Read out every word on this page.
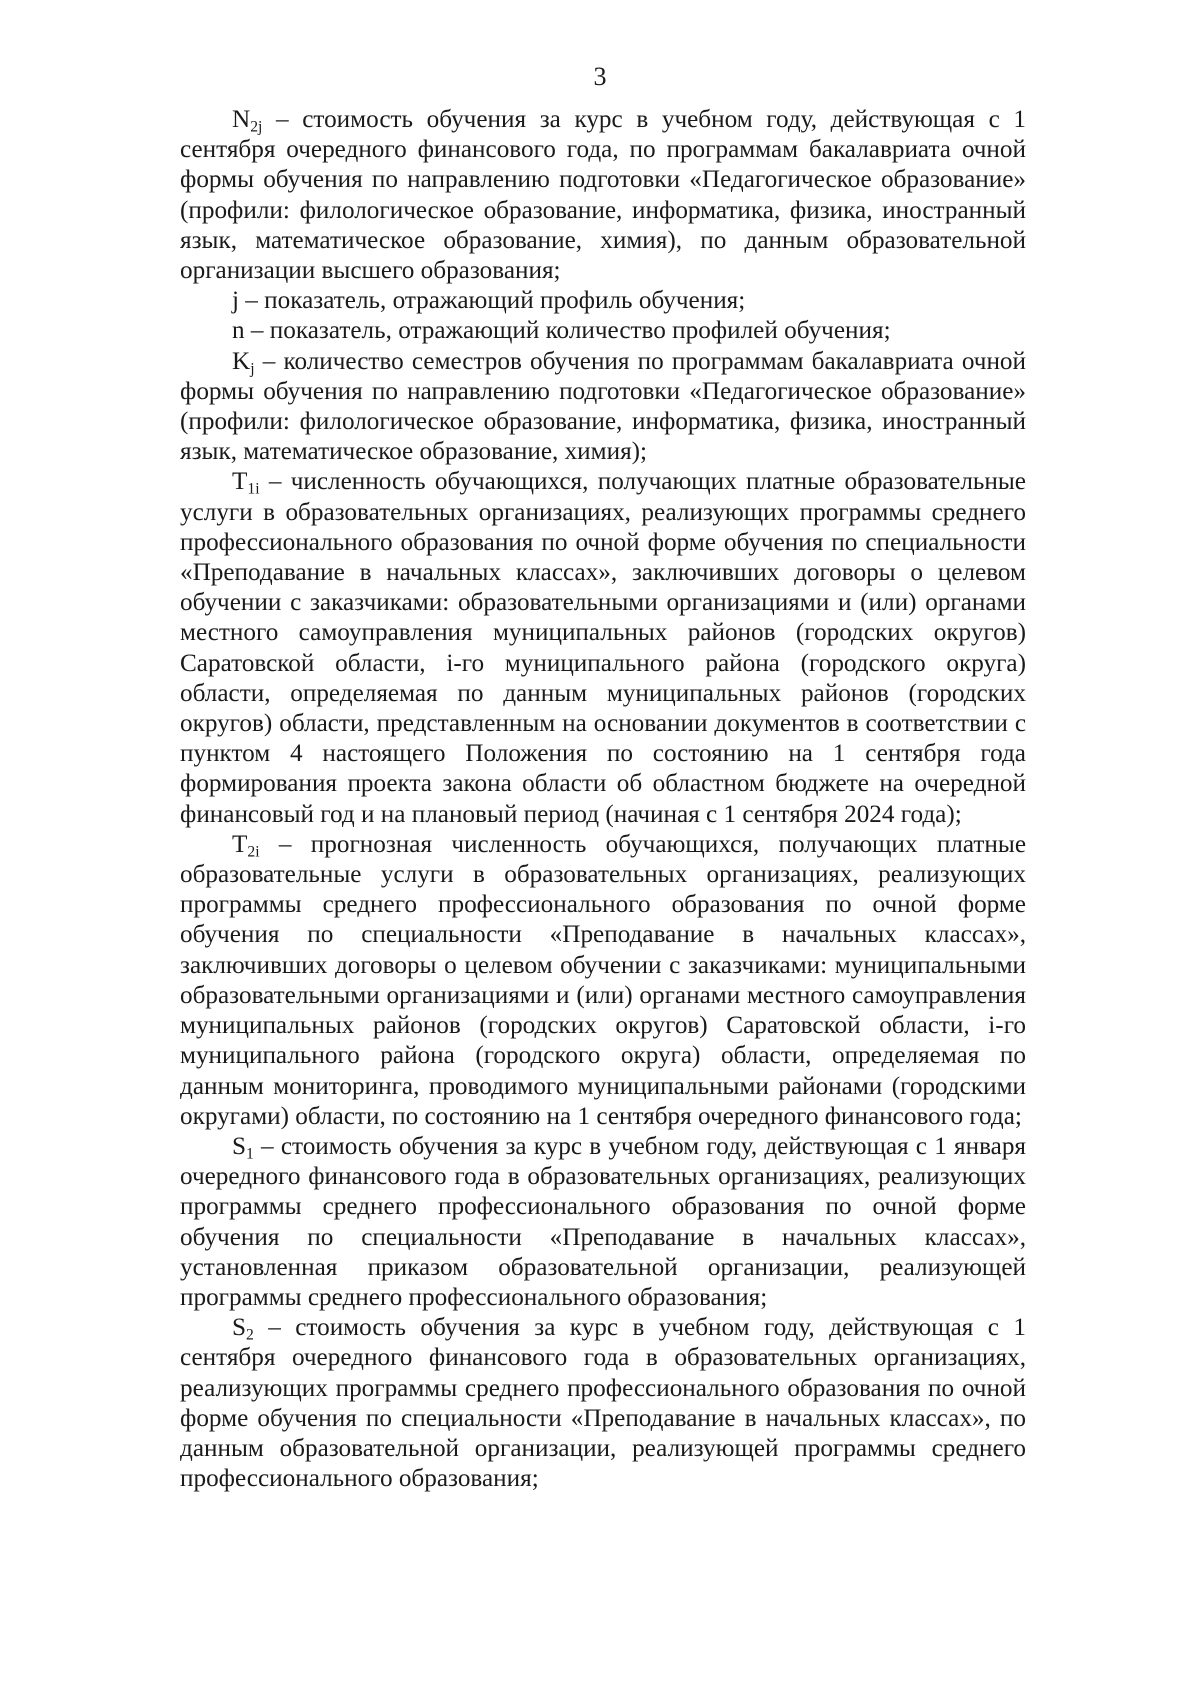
3

$N_{2j}$ – стоимость обучения за курс в учебном году, действующая с 1 сентября очередного финансового года, по программам бакалавриата очной формы обучения по направлению подготовки «Педагогическое образование» (профили: филологическое образование, информатика, физика, иностранный язык, математическое образование, химия), по данным образовательной организации высшего образования;

j – показатель, отражающий профиль обучения;

n – показатель, отражающий количество профилей обучения;

$K_j$ – количество семестров обучения по программам бакалавриата очной формы обучения по направлению подготовки «Педагогическое образование» (профили: филологическое образование, информатика, физика, иностранный язык, математическое образование, химия);

$T_{1i}$ – численность обучающихся, получающих платные образовательные услуги в образовательных организациях, реализующих программы среднего профессионального образования по очной форме обучения по специальности «Преподавание в начальных классах», заключивших договоры о целевом обучении с заказчиками: образовательными организациями и (или) органами местного самоуправления муниципальных районов (городских округов) Саратовской области, i-го муниципального района (городского округа) области, определяемая по данным муниципальных районов (городских округов) области, представленным на основании документов в соответствии с пунктом 4 настоящего Положения по состоянию на 1 сентября года формирования проекта закона области об областном бюджете на очередной финансовый год и на плановый период (начиная с 1 сентября 2024 года);

$T_{2i}$ – прогнозная численность обучающихся, получающих платные образовательные услуги в образовательных организациях, реализующих программы среднего профессионального образования по очной форме обучения по специальности «Преподавание в начальных классах», заключивших договоры о целевом обучении с заказчиками: муниципальными образовательными организациями и (или) органами местного самоуправления муниципальных районов (городских округов) Саратовской области, i-го муниципального района (городского округа) области, определяемая по данным мониторинга, проводимого муниципальными районами (городскими округами) области, по состоянию на 1 сентября очередного финансового года;

$S_1$ – стоимость обучения за курс в учебном году, действующая с 1 января очередного финансового года в образовательных организациях, реализующих программы среднего профессионального образования по очной форме обучения по специальности «Преподавание в начальных классах», установленная приказом образовательной организации, реализующей программы среднего профессионального образования;

$S_2$ – стоимость обучения за курс в учебном году, действующая с 1 сентября очередного финансового года в образовательных организациях, реализующих программы среднего профессионального образования по очной форме обучения по специальности «Преподавание в начальных классах», по данным образовательной организации, реализующей программы среднего профессионального образования;
